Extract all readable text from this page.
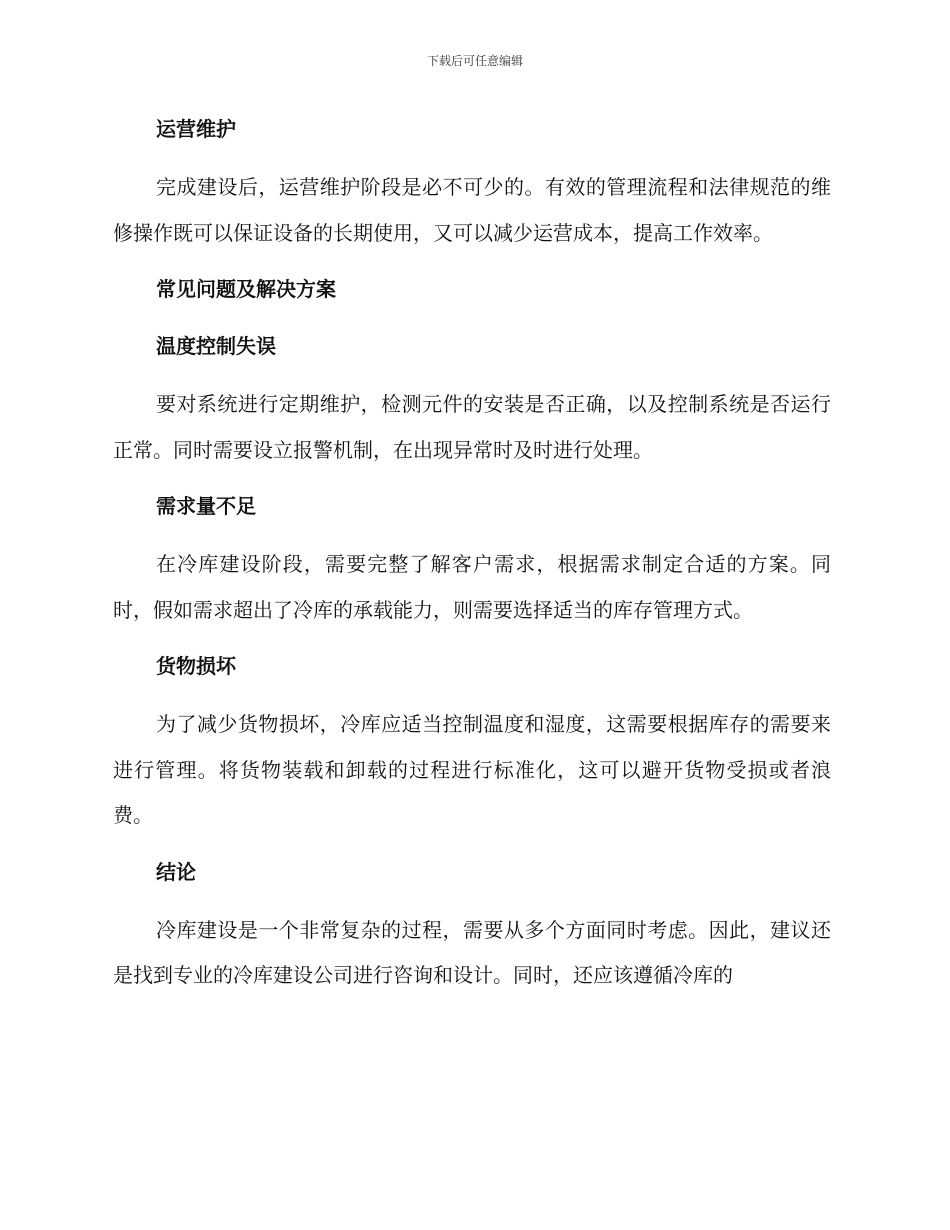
下载后可任意编辑
运营维护

完成建设后，运营维护阶段是必不可少的。有效的管理流程和法律规范的维修操作既可以保证设备的长期使用，又可以减少运营成本，提高工作效率。

常见问题及解决方案
温度控制失误

要对系统进行定期维护，检测元件的安装是否正确，以及控制系统是否运行正常。同时需要设立报警机制，在出现异常时及时进行处理。

需求量不足

在冷库建设阶段，需要完整了解客户需求，根据需求制定合适的方案。同时，假如需求超出了冷库的承载能力，则需要选择适当的库存管理方式。

货物损坏

为了减少货物损坏，冷库应适当控制温度和湿度，这需要根据库存的需要来进行管理。将货物装载和卸载的过程进行标准化，这可以避开货物受损或者浪费。

结论

冷库建设是一个非常复杂的过程，需要从多个方面同时考虑。因此，建议还是找到专业的冷库建设公司进行咨询和设计。同时，还应该遵循冷库的
